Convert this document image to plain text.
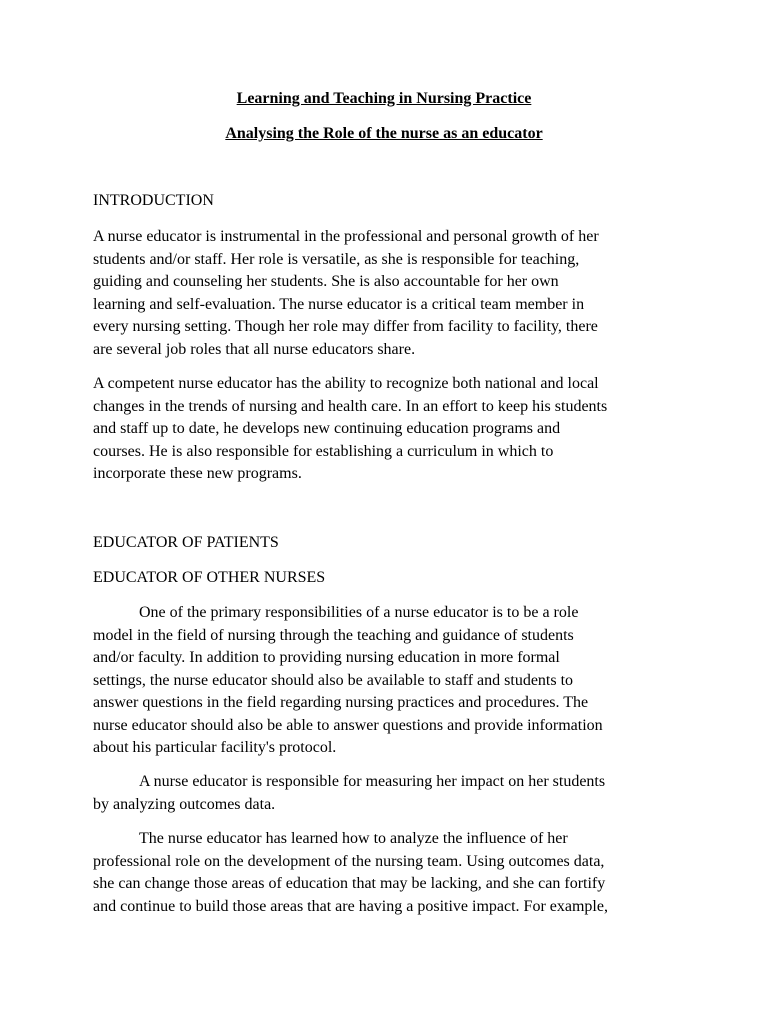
Learning and Teaching in Nursing Practice
Analysing the Role of the nurse as an educator
INTRODUCTION
A nurse educator is instrumental in the professional and personal growth of her
students and/or staff. Her role is versatile, as she is responsible for teaching,
guiding and counseling her students. She is also accountable for her own
learning and self-evaluation. The nurse educator is a critical team member in
every nursing setting. Though her role may differ from facility to facility, there
are several job roles that all nurse educators share.
A competent nurse educator has the ability to recognize both national and local
changes in the trends of nursing and health care. In an effort to keep his students
and staff up to date, he develops new continuing education programs and
courses. He is also responsible for establishing a curriculum in which to
incorporate these new programs.
EDUCATOR OF PATIENTS
EDUCATOR OF OTHER NURSES
One of the primary responsibilities of a nurse educator is to be a role
model in the field of nursing through the teaching and guidance of students
and/or faculty. In addition to providing nursing education in more formal
settings, the nurse educator should also be available to staff and students to
answer questions in the field regarding nursing practices and procedures. The
nurse educator should also be able to answer questions and provide information
about his particular facility's protocol.
A nurse educator is responsible for measuring her impact on her students
by analyzing outcomes data.
The nurse educator has learned how to analyze the influence of her
professional role on the development of the nursing team. Using outcomes data,
she can change those areas of education that may be lacking, and she can fortify
and continue to build those areas that are having a positive impact. For example,
